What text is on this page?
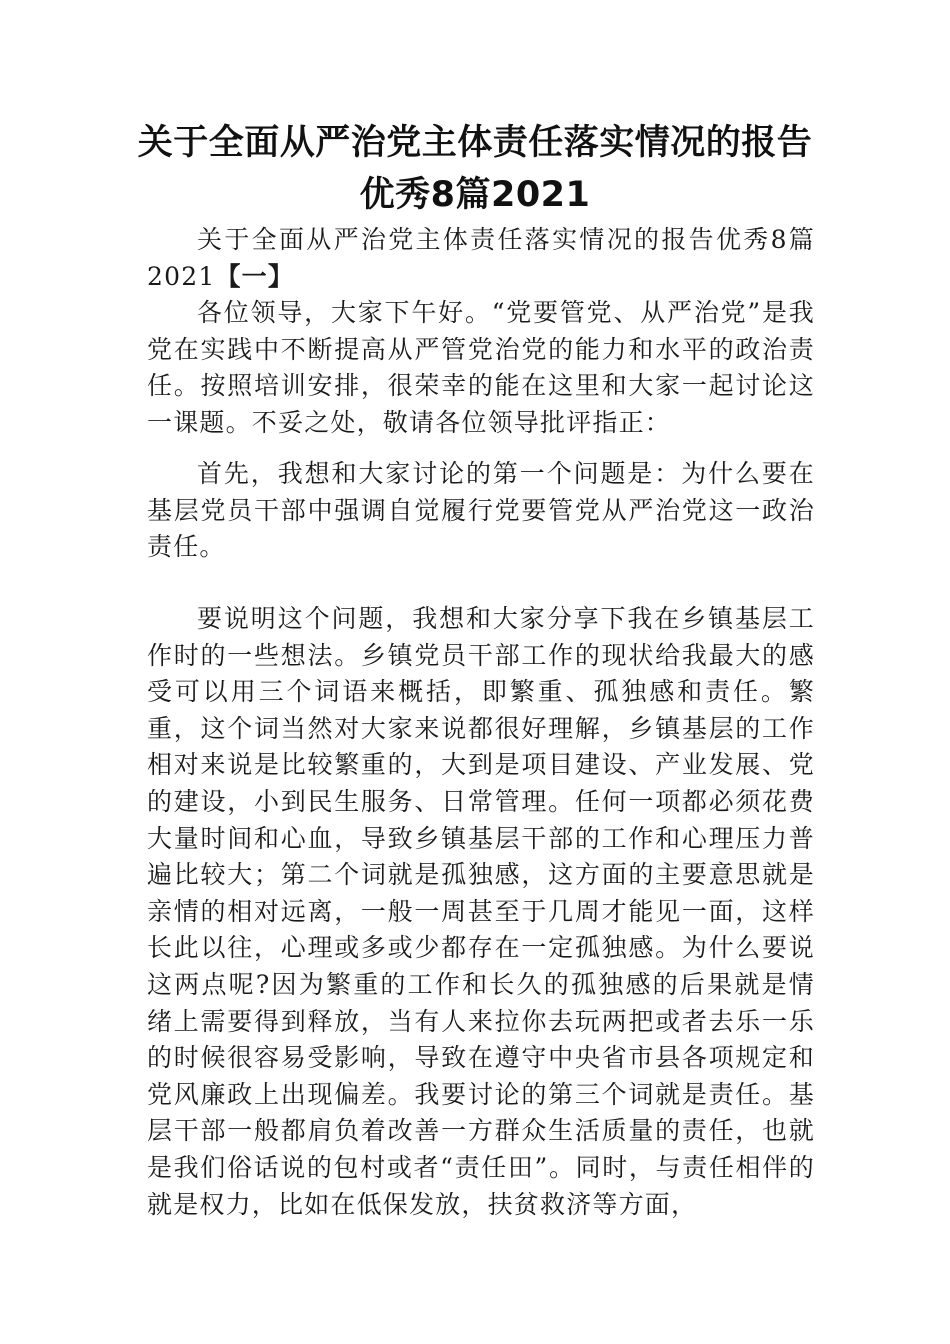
关于全面从严治党主体责任落实情况的报告
优秀8篇2021

关于全面从严治党主体责任落实情况的报告优秀8篇2021【一】

各位领导，大家下午好。“党要管党、从严治党”是我党在实践中不断提高从严管党治党的能力和水平的政治责任。按照培训安排，很荣幸的能在这里和大家一起讨论这一课题。不妥之处，敬请各位领导批评指正：

首先，我想和大家讨论的第一个问题是：为什么要在基层党员干部中强调自觉履行党要管党从严治党这一政治责任。

要说明这个问题，我想和大家分享下我在乡镇基层工作时的一些想法。乡镇党员干部工作的现状给我最大的感受可以用三个词语来概括，即繁重、孤独感和责任。繁重，这个词当然对大家来说都很好理解，乡镇基层的工作相对来说是比较繁重的，大到是项目建设、产业发展、党的建设，小到民生服务、日常管理。任何一项都必须花费大量时间和心血，导致乡镇基层干部的工作和心理压力普遍比较大；第二个词就是孤独感，这方面的主要意思就是亲情的相对远离，一般一周甚至于几周才能见一面，这样长此以往，心理或多或少都存在一定孤独感。为什么要说这两点呢?因为繁重的工作和长久的孤独感的后果就是情绪上需要得到释放，当有人来拉你去玩两把或者去乐一乐的时候很容易受影响，导致在遵守中央省市县各项规定和党风廉政上出现偏差。我要讨论的第三个词就是责任。基层干部一般都肩负着改善一方群众生活质量的责任，也就是我们俗话说的包村或者“责任田”。同时，与责任相伴的就是权力，比如在低保发放，扶贫救济等方面，
